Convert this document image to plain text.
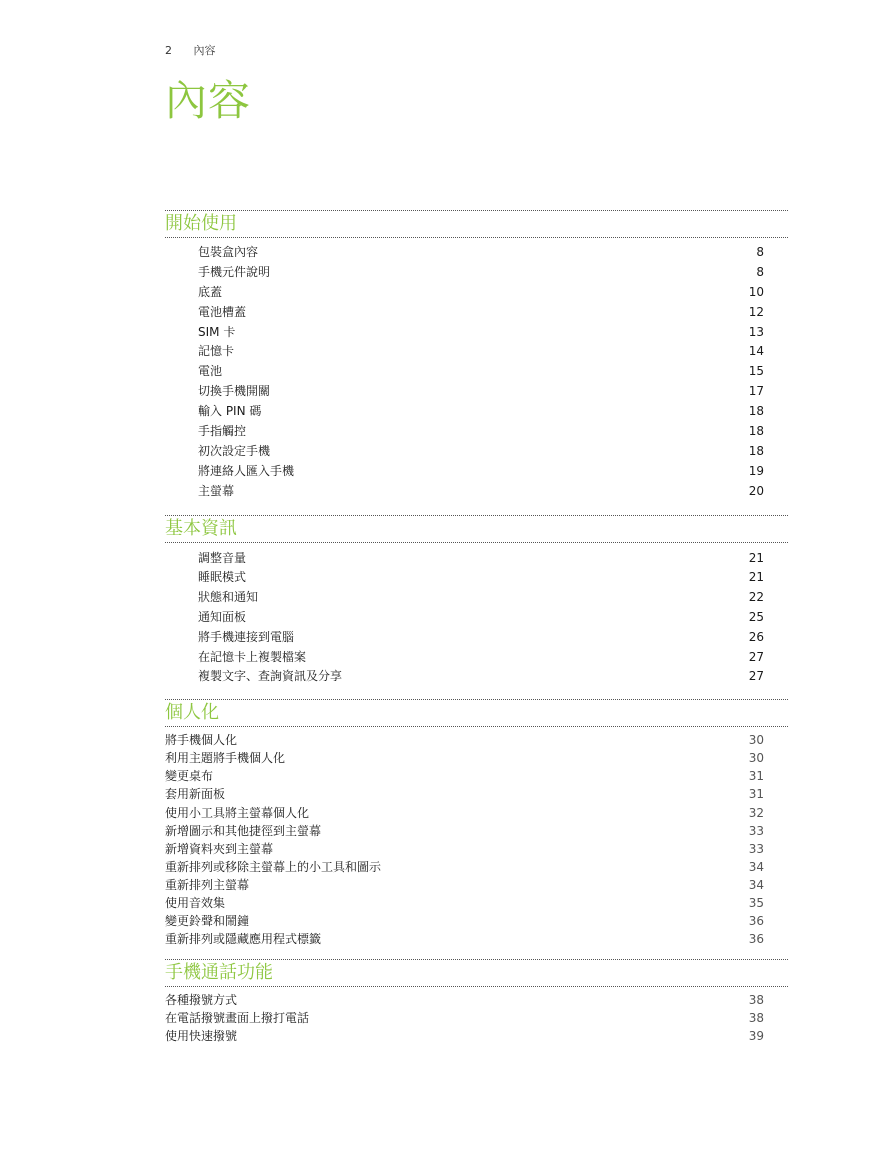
2 內容
內容
開始使用
包裝盒內容	8
手機元件說明	8
底蓋	10
電池槽蓋	12
SIM 卡	13
記憶卡	14
電池	15
切換手機開關	17
輸入 PIN 碼	18
手指觸控	18
初次設定手機	18
將連絡人匯入手機	19
主螢幕	20
基本資訊
調整音量	21
睡眠模式	21
狀態和通知	22
通知面板	25
將手機連接到電腦	26
在記憶卡上複製檔案	27
複製文字、查詢資訊及分享	27
個人化
將手機個人化	30
利用主題將手機個人化	30
變更桌布	31
套用新面板	31
使用小工具將主螢幕個人化	32
新增圖示和其他捷徑到主螢幕	33
新增資料夾到主螢幕	33
重新排列或移除主螢幕上的小工具和圖示	34
重新排列主螢幕	34
使用音效集	35
變更鈴聲和鬧鐘	36
重新排列或隱藏應用程式標籤	36
手機通話功能
各種撥號方式	38
在電話撥號畫面上撥打電話	38
使用快速撥號	39
